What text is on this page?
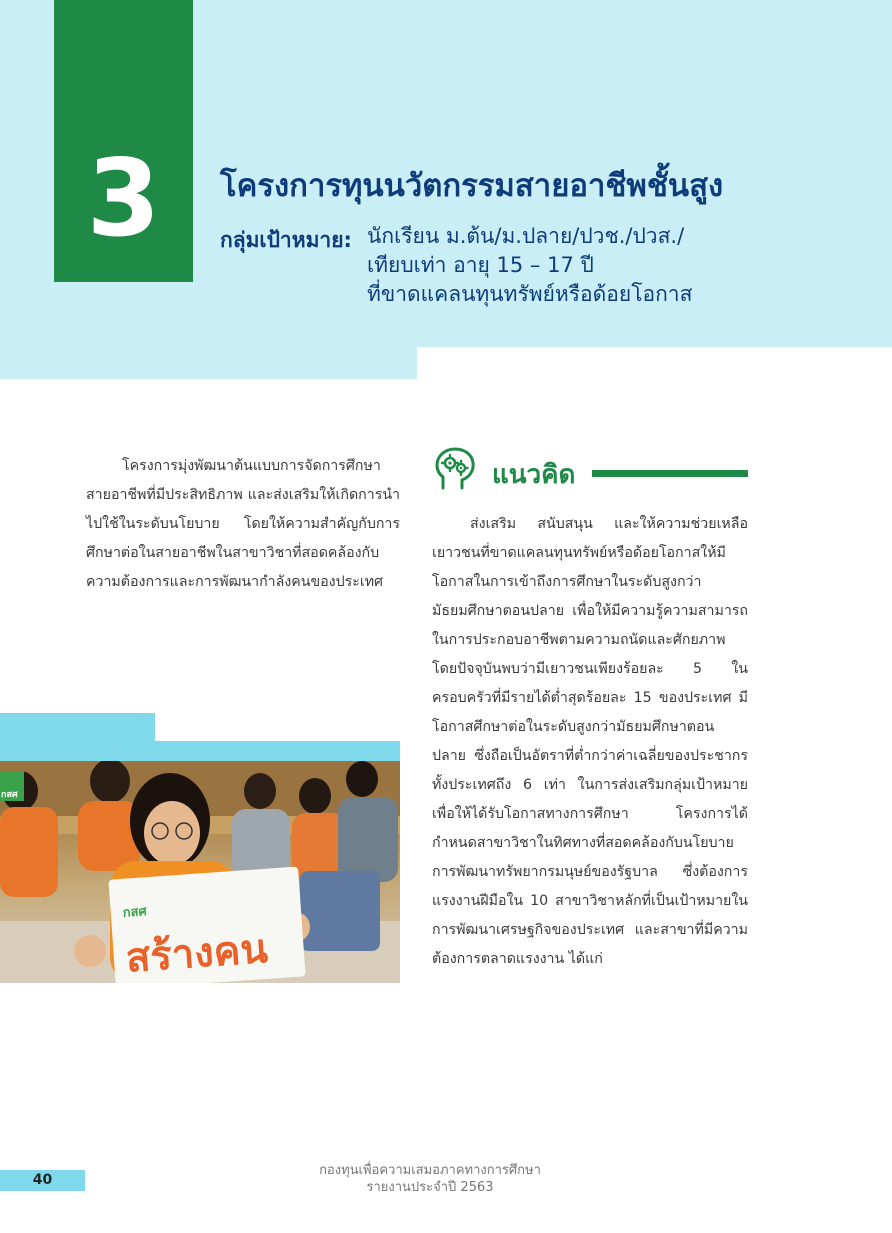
3 โครงการทุนนวัตกรรมสายอาชีพชั้นสูง
กลุ่มเป้าหมาย: นักเรียน ม.ต้น/ม.ปลาย/ปวช./ปวส./
เทียบเท่า อายุ 15 – 17 ปี
ที่ขาดแคลนทุนทรัพย์หรือด้อยโอกาส

โครงการมุ่งพัฒนาต้นแบบการจัดการศึกษาสายอาชีพที่มีประสิทธิภาพ และส่งเสริมให้เกิดการนำไปใช้ในระดับนโยบาย โดยให้ความสำคัญกับการศึกษาต่อในสายอาชีพในสาขาวิชาที่สอดคล้องกับความต้องการและการพัฒนากำลังคนของประเทศ

แนวคิด

ส่งเสริม สนับสนุน และให้ความช่วยเหลือเยาวชนที่ขาดแคลนทุนทรัพย์หรือด้อยโอกาสให้มีโอกาสในการเข้าถึงการศึกษาในระดับสูงกว่ามัธยมศึกษาตอนปลาย เพื่อให้มีความรู้ความสามารถในการประกอบอาชีพตามความถนัดและศักยภาพ โดยปัจจุบันพบว่ามีเยาวชนเพียงร้อยละ 5 ในครอบครัวที่มีรายได้ต่ำสุดร้อยละ 15 ของประเทศ มีโอกาสศึกษาต่อในระดับสูงกว่ามัธยมศึกษาตอนปลาย ซึ่งถือเป็นอัตราที่ต่ำกว่าค่าเฉลี่ยของประชากรทั้งประเทศถึง 6 เท่า ในการส่งเสริมกลุ่มเป้าหมายเพื่อให้ได้รับโอกาสทางการศึกษา โครงการได้กำหนดสาขาวิชาในทิศทางที่สอดคล้องกับนโยบายการพัฒนาทรัพยากรมนุษย์ของรัฐบาล ซึ่งต้องการแรงงานฝีมือใน 10 สาขาวิชาหลักที่เป็นเป้าหมายในการพัฒนาเศรษฐกิจของประเทศ และสาขาที่มีความต้องการตลาดแรงงาน ได้แก่

กสศ
สร้างคน
กสศ
40
กองทุนเพื่อความเสมอภาคทางการศึกษา
รายงานประจำปี 2563
